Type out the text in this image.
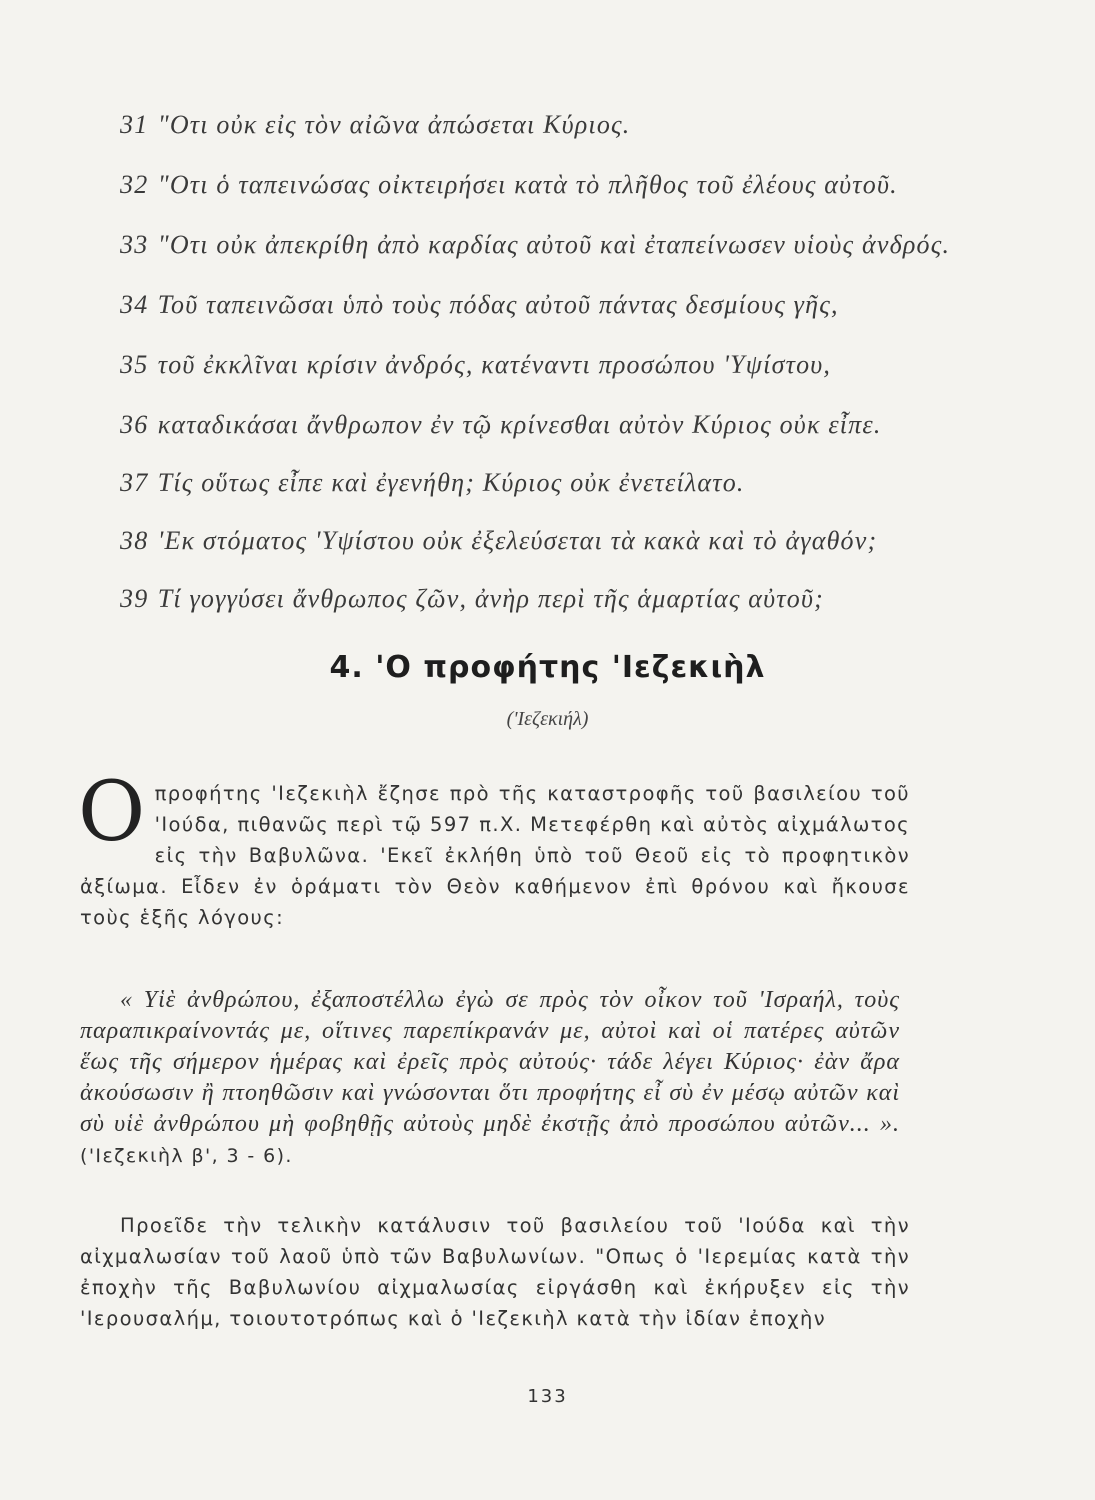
31 "Οτι οὐκ εἰς τὸν αἰῶνα ἀπώσεται Κύριος.
32 "Οτι ὁ ταπεινώσας οἰκτειρήσει κατὰ τὸ πλῆθος τοῦ ἐλέους αὐτοῦ.
33 "Οτι οὐκ ἀπεκρίθη ἀπὸ καρδίας αὐτοῦ καὶ ἐταπείνωσεν υἱοὺς ἀνδρός.
34 Τοῦ ταπεινῶσαι ὑπὸ τοὺς πόδας αὐτοῦ πάντας δεσμίους γῆς,
35 τοῦ ἐκκλῖναι κρίσιν ἀνδρός, κατέναντι προσώπου 'Υψίστου,
36 καταδικάσαι ἄνθρωπον ἐν τῷ κρίνεσθαι αὐτὸν Κύριος οὐκ εἶπε.
37 Τίς οὕτως εἶπε καὶ ἐγενήθη; Κύριος οὐκ ἐνετείλατο.
38 'Εκ στόματος 'Υψίστου οὐκ ἐξελεύσεται τὰ κακὰ καὶ τὸ ἀγαθόν;
39 Τί γογγύσει ἄνθρωπος ζῶν, ἀνὴρ περὶ τῆς ἁμαρτίας αὐτοῦ;
4. 'Ο προφήτης 'Ιεζεκιὴλ
('Ιεζεκιήλ)
Οπροφήτης 'Ιεζεκιὴλ ἔζησε πρὸ τῆς καταστροφῆς τοῦ βασιλείου τοῦ 'Ιούδα, πιθανῶς περὶ τῷ 597 π.Χ. Μετεφέρθη καὶ αὐτὸς αἰχμάλωτος εἰς τὴν Βαβυλῶνα. 'Εκεῖ ἐκλήθη ὑπὸ τοῦ Θεοῦ εἰς τὸ προφητικὸν ἀξίωμα. Εἶδεν ἐν ὁράματι τὸν Θεὸν καθήμενον ἐπὶ θρόνου καὶ ἤκουσε τοὺς ἑξῆς λόγους:
« Υἱὲ ἀνθρώπου, ἐξαποστέλλω ἐγὼ σε πρὸς τὸν οἶκον τοῦ 'Ισραήλ, τοὺς παραπικραίνοντάς με, οἵτινες παρεπίκρανάν με, αὐτοὶ καὶ οἱ πατέρες αὐτῶν ἕως τῆς σήμερον ἡμέρας καὶ ἐρεῖς πρὸς αὐτούς· τάδε λέγει Κύριος· ἐὰν ἄρα ἀκούσωσιν ἢ πτοηθῶσιν καὶ γνώσονται ὅτι προφήτης εἶ σὺ ἐν μέσῳ αὐτῶν καὶ σὺ υἱὲ ἀνθρώπου μὴ φοβηθῇς αὐτοὺς μηδὲ ἐκστῇς ἀπὸ προσώπου αὐτῶν... ». ('Ιεζεκιὴλ β', 3 - 6).
Προεῖδε τὴν τελικὴν κατάλυσιν τοῦ βασιλείου τοῦ 'Ιούδα καὶ τὴν αἰχμαλωσίαν τοῦ λαοῦ ὑπὸ τῶν Βαβυλωνίων. "Οπως ὁ 'Ιερεμίας κατὰ τὴν ἐποχὴν τῆς Βαβυλωνίου αἰχμαλωσίας εἰργάσθη καὶ ἐκήρυξεν εἰς τὴν 'Ιερουσαλήμ, τοιουτοτρόπως καὶ ὁ 'Ιεζεκιὴλ κατὰ τὴν ἰδίαν ἐποχὴν
133
